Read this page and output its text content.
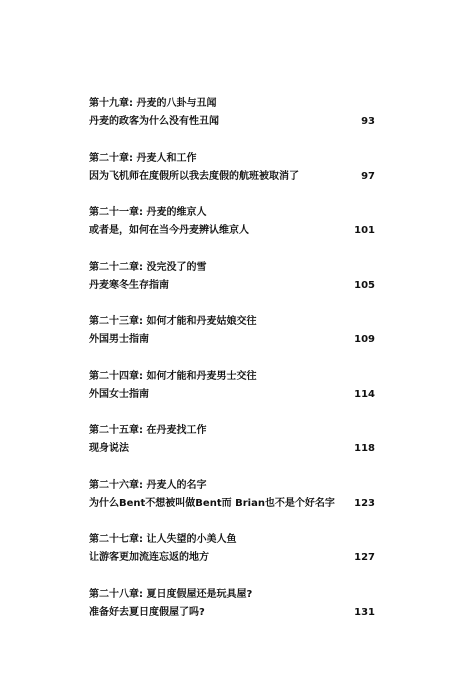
第十九章: 丹麦的八卦与丑闻
丹麦的政客为什么没有性丑闻	93
第二十章: 丹麦人和工作
因为飞机师在度假所以我去度假的航班被取消了	97
第二十一章: 丹麦的维京人
或者是，如何在当今丹麦辨认维京人	101
第二十二章: 没完没了的雪
丹麦寒冬生存指南	105
第二十三章: 如何才能和丹麦姑娘交往
外国男士指南	109
第二十四章: 如何才能和丹麦男士交往
外国女士指南	114
第二十五章: 在丹麦找工作
现身说法	118
第二十六章: 丹麦人的名字
为什么Bent不想被叫做Bent而 Brian也不是个好名字 123
第二十七章: 让人失望的小美人鱼
让游客更加流连忘返的地方	127
第二十八章: 夏日度假屋还是玩具屋?
准备好去夏日度假屋了吗?	131
